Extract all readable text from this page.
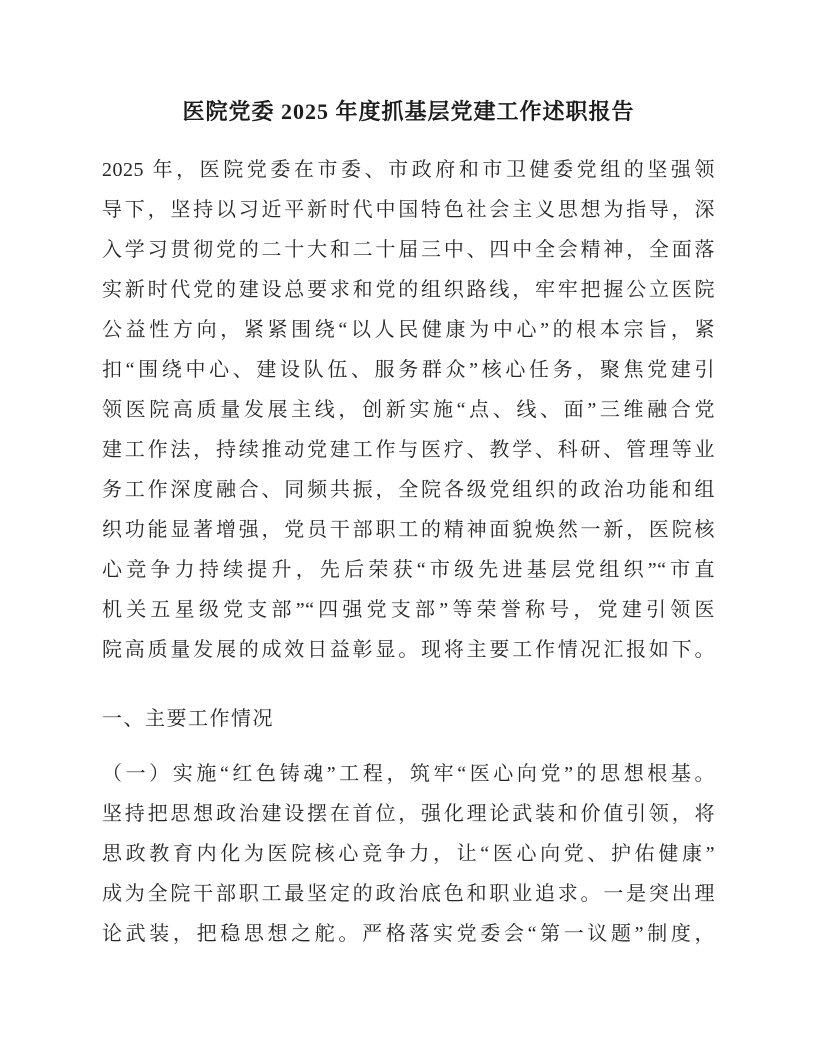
医院党委 2025 年度抓基层党建工作述职报告
2025 年，医院党委在市委、市政府和市卫健委党组的坚强领
导下，坚持以习近平新时代中国特色社会主义思想为指导，深
入学习贯彻党的二十大和二十届三中、四中全会精神，全面落
实新时代党的建设总要求和党的组织路线，牢牢把握公立医院
公益性方向，紧紧围绕“以人民健康为中心”的根本宗旨，紧
扣“围绕中心、建设队伍、服务群众”核心任务，聚焦党建引
领医院高质量发展主线，创新实施“点、线、面”三维融合党
建工作法，持续推动党建工作与医疗、教学、科研、管理等业
务工作深度融合、同频共振，全院各级党组织的政治功能和组
织功能显著增强，党员干部职工的精神面貌焕然一新，医院核
心竞争力持续提升，先后荣获“市级先进基层党组织”“市直
机关五星级党支部”“四强党支部”等荣誉称号，党建引领医
院高质量发展的成效日益彰显。现将主要工作情况汇报如下。
一、主要工作情况
（一）实施“红色铸魂”工程，筑牢“医心向党”的思想根基。
坚持把思想政治建设摆在首位，强化理论武装和价值引领，将
思政教育内化为医院核心竞争力，让“医心向党、护佑健康”
成为全院干部职工最坚定的政治底色和职业追求。一是突出理
论武装，把稳思想之舵。严格落实党委会“第一议题”制度，
